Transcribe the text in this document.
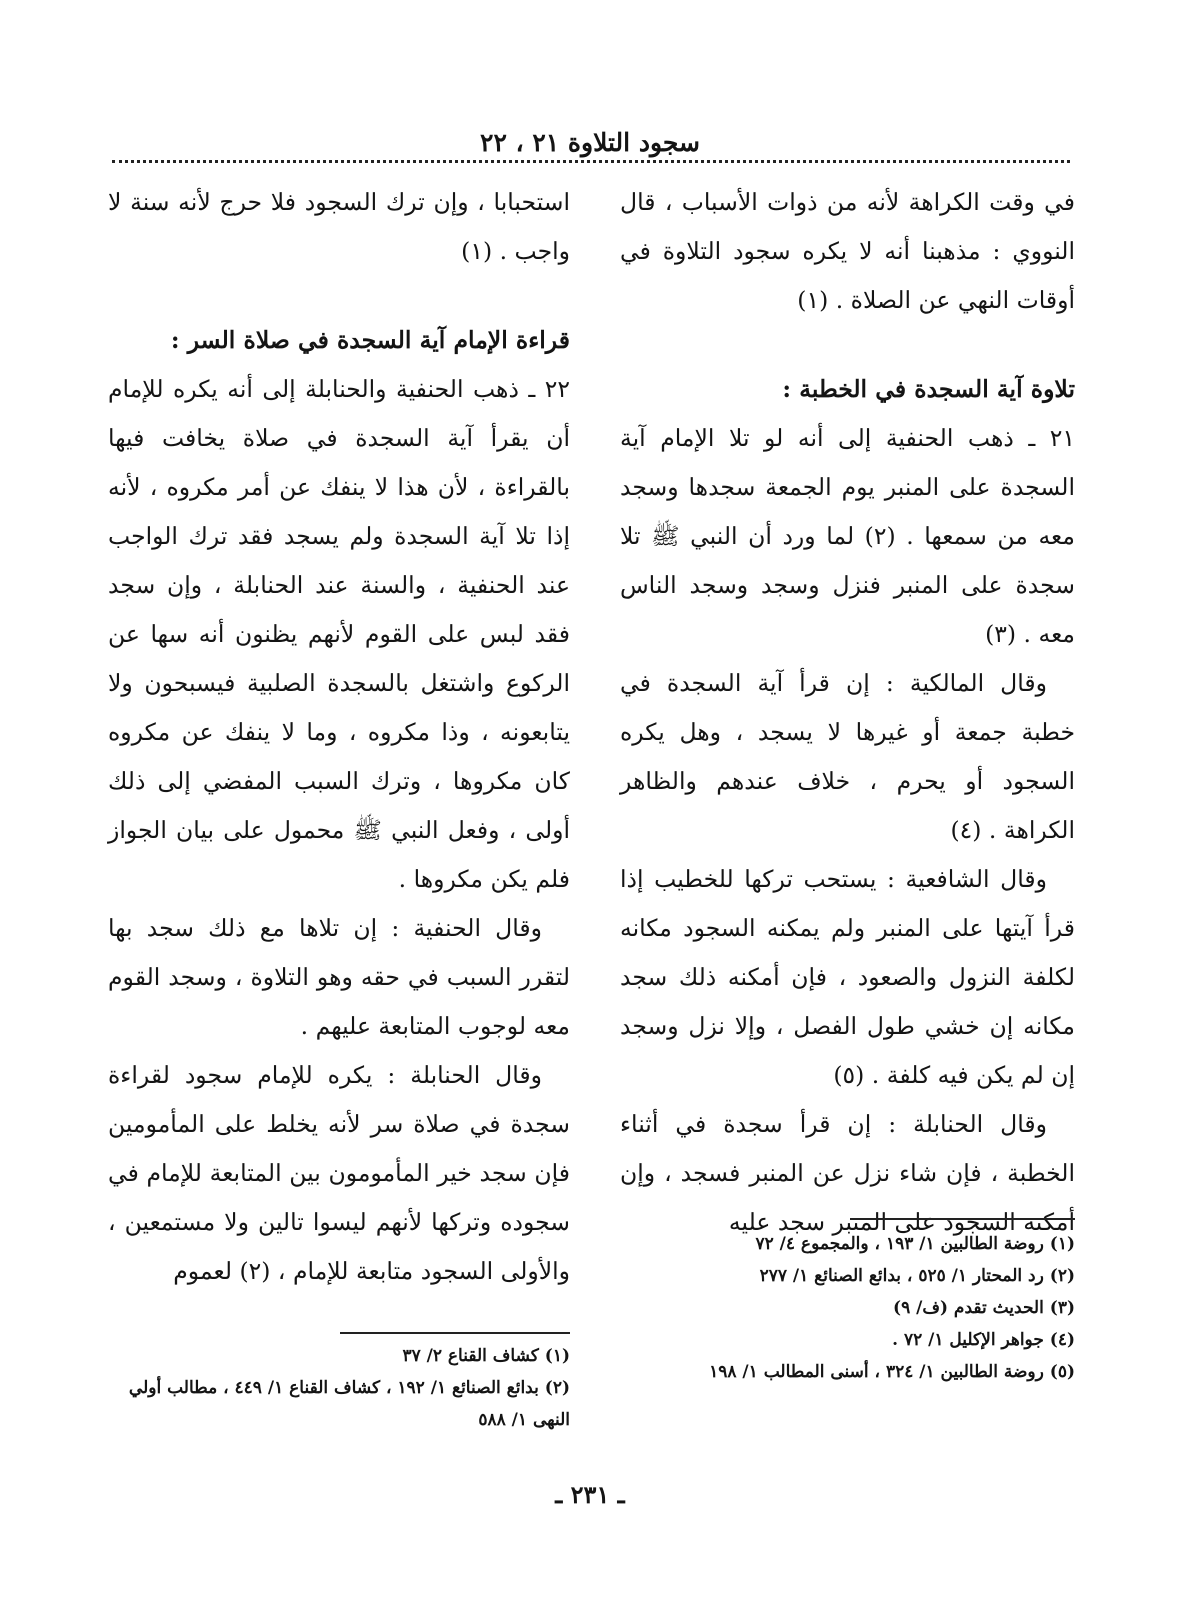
سجود التلاوة ٢١ ، ٢٢

في وقت الكراهة لأنه من ذوات الأسباب ، قال النووي : مذهبنا أنه لا يكره سجود التلاوة في أوقات النهي عن الصلاة . (١)

تلاوة آية السجدة في الخطبة :

٢١ ـ ذهب الحنفية إلى أنه لو تلا الإمام آية السجدة على المنبر يوم الجمعة سجدها وسجد معه من سمعها . (٢) لما ورد أن النبي ﷺ تلا سجدة على المنبر فنزل وسجد وسجد الناس معه . (٣)

وقال المالكية : إن قرأ آية السجدة في خطبة جمعة أو غيرها لا يسجد ، وهل يكره السجود أو يحرم ، خلاف عندهم والظاهر الكراهة . (٤)

وقال الشافعية : يستحب تركها للخطيب إذا قرأ آيتها على المنبر ولم يمكنه السجود مكانه لكلفة النزول والصعود ، فإن أمكنه ذلك سجد مكانه إن خشي طول الفصل ، وإلا نزل وسجد إن لم يكن فيه كلفة . (٥)

وقال الحنابلة : إن قرأ سجدة في أثناء الخطبة ، فإن شاء نزل عن المنبر فسجد ، وإن أمكنه السجود على المنبر سجد عليه

استحبابا ، وإن ترك السجود فلا حرج لأنه سنة لا واجب . (١)

قراءة الإمام آية السجدة في صلاة السر :

٢٢ ـ ذهب الحنفية والحنابلة إلى أنه يكره للإمام أن يقرأ آية السجدة في صلاة يخافت فيها بالقراءة ، لأن هذا لا ينفك عن أمر مكروه ، لأنه إذا تلا آية السجدة ولم يسجد فقد ترك الواجب عند الحنفية ، والسنة عند الحنابلة ، وإن سجد فقد لبس على القوم لأنهم يظنون أنه سها عن الركوع واشتغل بالسجدة الصلبية فيسبحون ولا يتابعونه ، وذا مكروه ، وما لا ينفك عن مكروه كان مكروها ، وترك السبب المفضي إلى ذلك أولى ، وفعل النبي ﷺ محمول على بيان الجواز فلم يكن مكروها .

وقال الحنفية : إن تلاها مع ذلك سجد بها لتقرر السبب في حقه وهو التلاوة ، وسجد القوم معه لوجوب المتابعة عليهم .

وقال الحنابلة : يكره للإمام سجود لقراءة سجدة في صلاة سر لأنه يخلط على المأمومين فإن سجد خير المأمومون بين المتابعة للإمام في سجوده وتركها لأنهم ليسوا تالين ولا مستمعين ، والأولى السجود متابعة للإمام ، (٢) لعموم

(١) روضة الطالبين ١/ ١٩٣ ، والمجموع ٤/ ٧٢

(٢) رد المحتار ١/ ٥٢٥ ، بدائع الصنائع ١/ ٢٧٧

(٣) الحديث تقدم (ف/ ٩)

(٤) جواهر الإكليل ١/ ٧٢ .

(٥) روضة الطالبين ١/ ٣٢٤ ، أسنى المطالب ١/ ١٩٨

(١) كشاف القناع ٢/ ٣٧

(٢) بدائع الصنائع ١/ ١٩٢ ، كشاف القناع ١/ ٤٤٩ ، مطالب أولي النهى ١/ ٥٨٨

ـ ٢٣١ ـ
